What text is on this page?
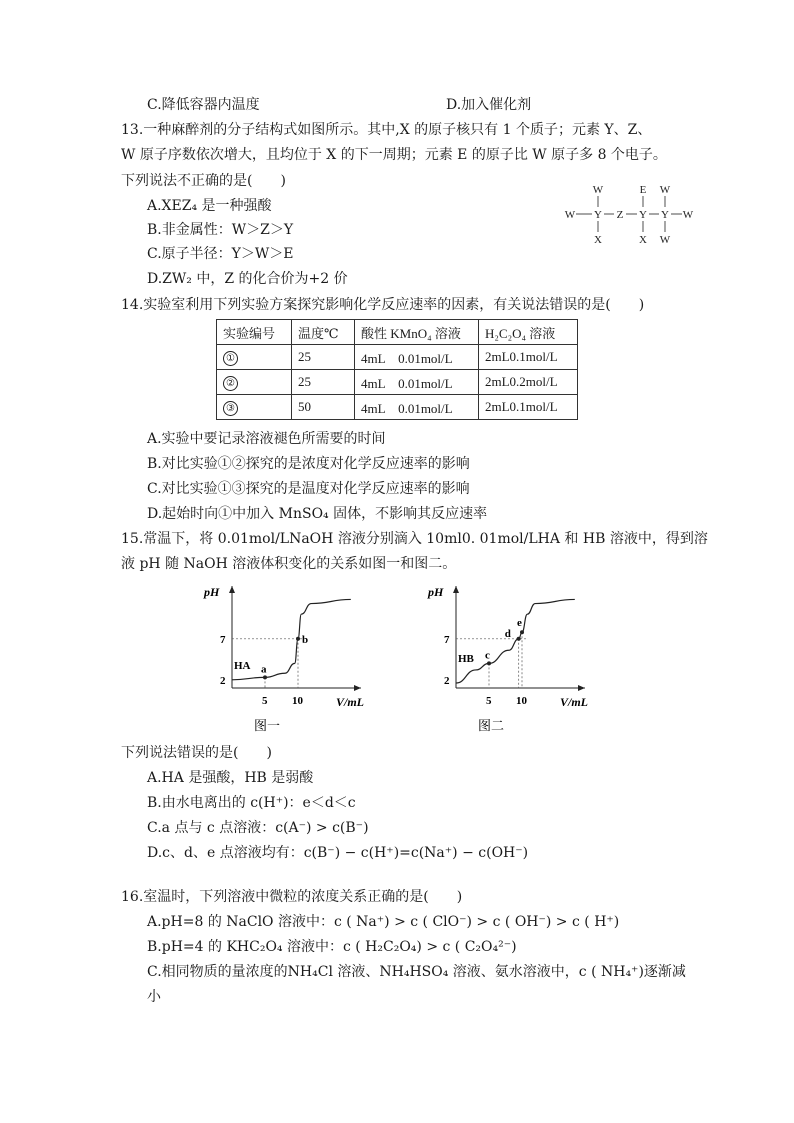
C.降低容器内温度	D.加入催化剂
13.一种麻醉剂的分子结构式如图所示。其中,X 的原子核只有 1 个质子；元素 Y、Z、
W 原子序数依次增大，且均位于 X 的下一周期；元素 E 的原子比 W 原子多 8 个电子。
下列说法不正确的是(　　)
A.XEZ₄ 是一种强酸
B.非金属性：W＞Z＞Y
C.原子半径：Y＞W＞E
D.ZW₂ 中，Z 的化合价为+2 价
W	E W
W Y Z Y Y W
X	X W
14.实验室利用下列实验方案探究影响化学反应速率的因素，有关说法错误的是(　　)
实验编号	温度℃	酸性 KMnO₄ 溶液	H₂C₂O₄ 溶液
①	25	4mL　0.01mol/L	2mL0.1mol/L
②	25	4mL　0.01mol/L	2mL0.2mol/L
③	50	4mL　0.01mol/L	2mL0.1mol/L
A.实验中要记录溶液褪色所需要的时间
B.对比实验①②探究的是浓度对化学反应速率的影响
C.对比实验①③探究的是温度对化学反应速率的影响
D.起始时向①中加入 MnSO₄ 固体，不影响其反应速率
15.常温下，将 0.01mol/LNaOH 溶液分别滴入 10ml0. 01mol/LHA 和 HB 溶液中，得到溶
液 pH 随 NaOH 溶液体积变化的关系如图一和图二。
pH
V/mL
2
7
5 10
HA a
b
图一
pH
V/mL
2
7
5 10
HB c
d
e
图二
下列说法错误的是(　　)
A.HA 是强酸，HB 是弱酸
B.由水电离出的 c(H⁺)：e＜d＜c
C.a 点与 c 点溶液：c(A⁻) > c(B⁻)
D.c、d、e 点溶液均有：c(B⁻) − c(H⁺)=c(Na⁺) − c(OH⁻)
16.室温时，下列溶液中微粒的浓度关系正确的是(　　)
A.pH=8 的 NaClO 溶液中：c ( Na⁺) > c ( ClO⁻) > c ( OH⁻) > c ( H⁺)
B.pH=4 的 KHC₂O₄ 溶液中：c ( H₂C₂O₄) > c ( C₂O₄²⁻)
C.相同物质的量浓度的NH₄Cl 溶液、NH₄HSO₄ 溶液、氨水溶液中，c ( NH₄⁺)逐渐减
小
